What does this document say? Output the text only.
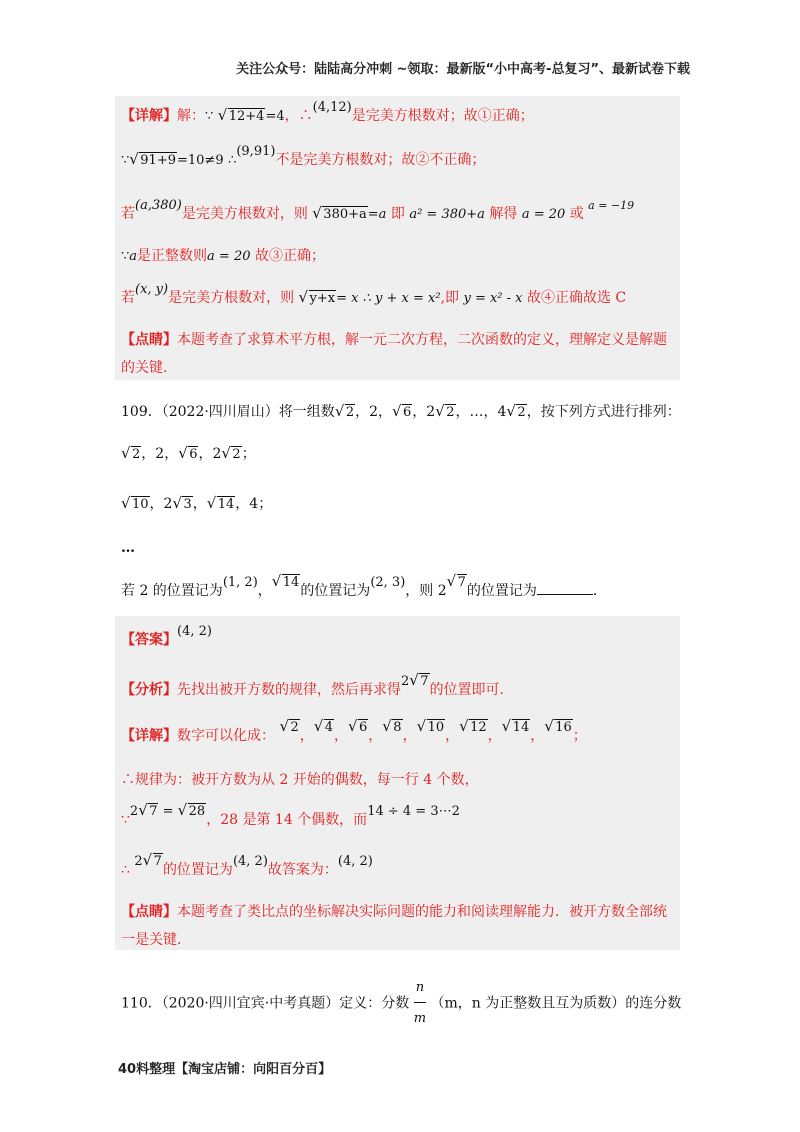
关注公众号：陆陆高分冲刺 ~领取：最新版“小中高考-总复习”、最新试卷下载
【详解】解：∵ √ 12+4=4，∴(4,12)是完美方根数对；故①正确；
∵ √ 91+9=10≠9 ∴(9,91)不是完美方根数对；故②不正确；
若(a,380)是完美方根数对，则 √ 380+a=a 即 a² = 380+a 解得 a = 20 或 $^{a = -19}$
∵a是正整数则a = 20 故③正确；
若(x, y)是完美方根数对，则 √ y+x= x ∴ y + x = x²,即 y = x² - x 故④正确故选 C
【点睛】本题考查了求算术平方根，解一元二次方程，二次函数的定义，理解定义是解题
的关键.
109．（2022·四川眉山）将一组数 √ 2，2， √ 6，2 √ 2，…，4 √ 2，按下列方式进行排列：
√ 2，2， √ 6，2 √ 2；
√ 10，2 √ 3， √ 14，4；
…
若 2 的位置记为(1, 2)，√ 14的位置记为(2, 3)，则 2√ 7的位置记为	.
【答案】(4, 2)
【分析】先找出被开方数的规律，然后再求得2 √ 7的位置即可.
【详解】数字可以化成： √ 2，√ 4，√ 6，√ 8，√ 10，√ 12，√ 14，√ 16；
∴规律为：被开方数为从 2 开始的偶数，每一行 4 个数，
∵2 √ 7 = √ 28，28 是第 14 个偶数，而14 ÷ 4 = 3⋯2
∴ 2 √ 7的位置记为(4, 2)故答案为：(4, 2)
【点睛】本题考查了类比点的坐标解决实际问题的能力和阅读理解能力．被开方数全部统
一是关键.
110．（2020·四川宜宾·中考真题）定义：分数 $\frac{n}{m} (m$，n 为正整数且互为质数）的连分数
40料整理【淘宝店铺：向阳百分百】
